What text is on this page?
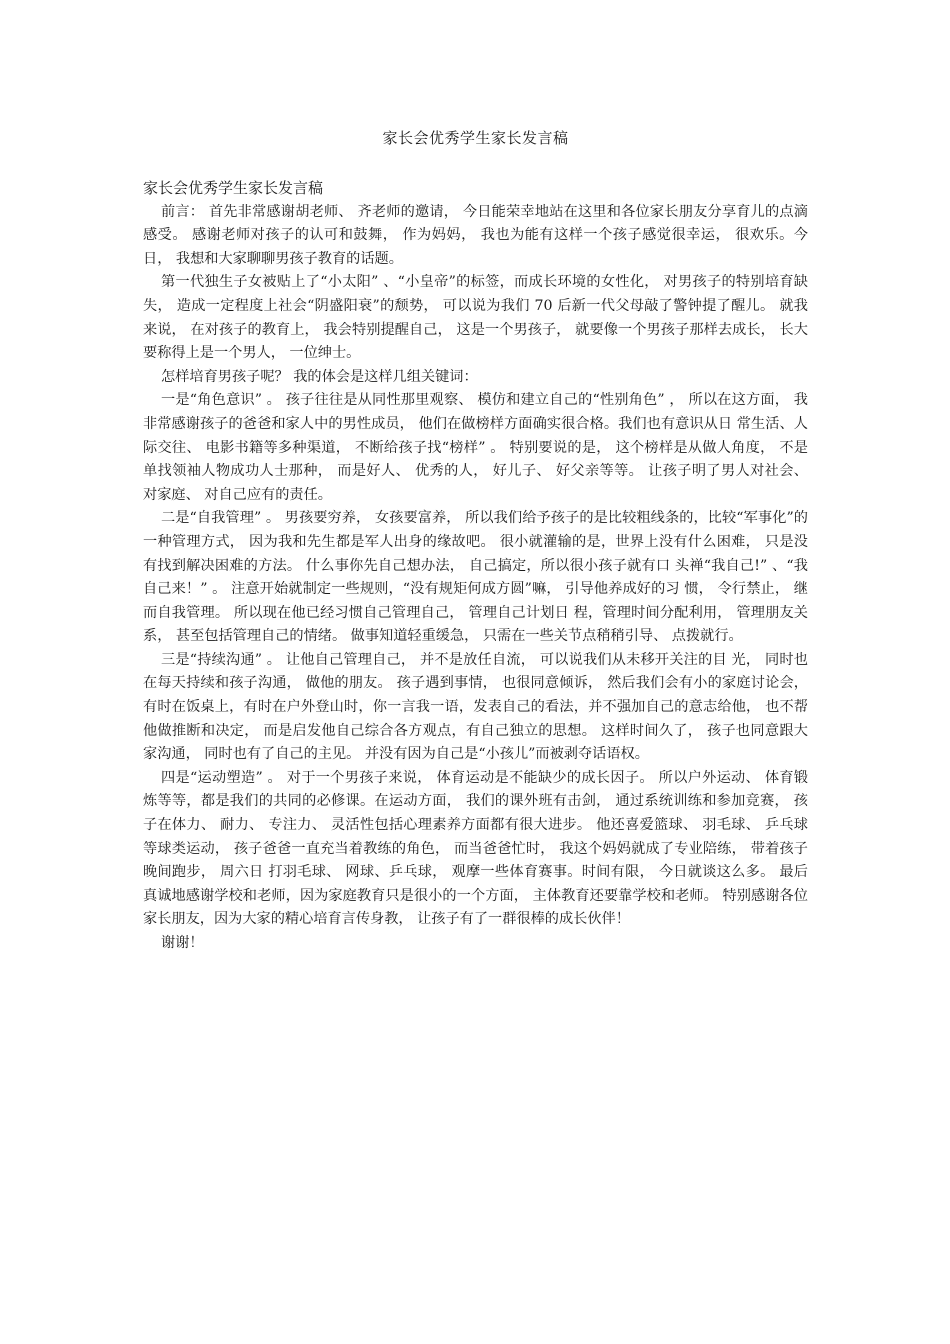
家长会优秀学生家长发言稿

家长会优秀学生家长发言稿

前言： 首先非常感谢胡老师、 齐老师的邀请， 今日能荣幸地站在这里和各位家长朋友分享育儿的点滴感受。 感谢老师对孩子的认可和鼓舞， 作为妈妈， 我也为能有这样一个孩子感觉很幸运， 很欢乐。今日， 我想和大家聊聊男孩子教育的话题。

第一代独生子女被贴上了“小太阳” 、“小皇帝”的标签，而成长环境的女性化， 对男孩子的特别培育缺失， 造成一定程度上社会“阴盛阳衰”的颓势， 可以说为我们 70 后新一代父母敲了警钟提了醒儿。 就我来说， 在对孩子的教育上， 我会特别提醒自己， 这是一个男孩子， 就要像一个男孩子那样去成长， 长大要称得上是一个男人， 一位绅士。

怎样培育男孩子呢？ 我的体会是这样几组关键词：

一是“角色意识” 。 孩子往往是从同性那里观察、 模仿和建立自己的“性别角色” ， 所以在这方面， 我非常感谢孩子的爸爸和家人中的男性成员， 他们在做榜样方面确实很合格。我们也有意识从日 常生活、人际交往、 电影书籍等多种渠道， 不断给孩子找“榜样” 。 特别要说的是， 这个榜样是从做人角度， 不是单找领袖人物成功人士那种， 而是好人、 优秀的人， 好儿子、 好父亲等等。 让孩子明了男人对社会、 对家庭、 对自己应有的责任。

二是“自我管理” 。 男孩要穷养， 女孩要富养， 所以我们给予孩子的是比较粗线条的，比较“军事化”的一种管理方式， 因为我和先生都是军人出身的缘故吧。 很小就灌输的是，世界上没有什么困难， 只是没有找到解决困难的方法。 什么事你先自己想办法， 自己搞定，所以很小孩子就有口 头禅“我自己!” 、“我自己来！” 。 注意开始就制定一些规则，“没有规矩何成方圆”嘛， 引导他养成好的习 惯， 令行禁止， 继而自我管理。 所以现在他已经习惯自己管理自己， 管理自己计划日 程，管理时间分配利用， 管理朋友关系， 甚至包括管理自己的情绪。 做事知道轻重缓急， 只需在一些关节点稍稍引导、 点拨就行。

三是“持续沟通” 。 让他自己管理自己， 并不是放任自流， 可以说我们从未移开关注的目 光， 同时也在每天持续和孩子沟通， 做他的朋友。 孩子遇到事情， 也很同意倾诉， 然后我们会有小的家庭讨论会，有时在饭桌上，有时在户外登山时，你一言我一语，发表自己的看法，并不强加自己的意志给他， 也不帮他做推断和决定， 而是启发他自己综合各方观点，有自己独立的思想。 这样时间久了， 孩子也同意跟大家沟通， 同时也有了自己的主见。 并没有因为自己是“小孩儿”而被剥夺话语权。

四是“运动塑造” 。 对于一个男孩子来说， 体育运动是不能缺少的成长因子。 所以户外运动、 体育锻炼等等，都是我们的共同的必修课。在运动方面， 我们的课外班有击剑， 通过系统训练和参加竞赛， 孩子在体力、 耐力、 专注力、 灵活性包括心理素养方面都有很大进步。 他还喜爱篮球、 羽毛球、 乒乓球等球类运动， 孩子爸爸一直充当着教练的角色， 而当爸爸忙时， 我这个妈妈就成了专业陪练， 带着孩子晚间跑步， 周六日 打羽毛球、 网球、乒乓球， 观摩一些体育赛事。时间有限， 今日就谈这么多。 最后真诚地感谢学校和老师，因为家庭教育只是很小的一个方面， 主体教育还要靠学校和老师。 特别感谢各位家长朋友，因为大家的精心培育言传身教， 让孩子有了一群很棒的成长伙伴！

谢谢！
